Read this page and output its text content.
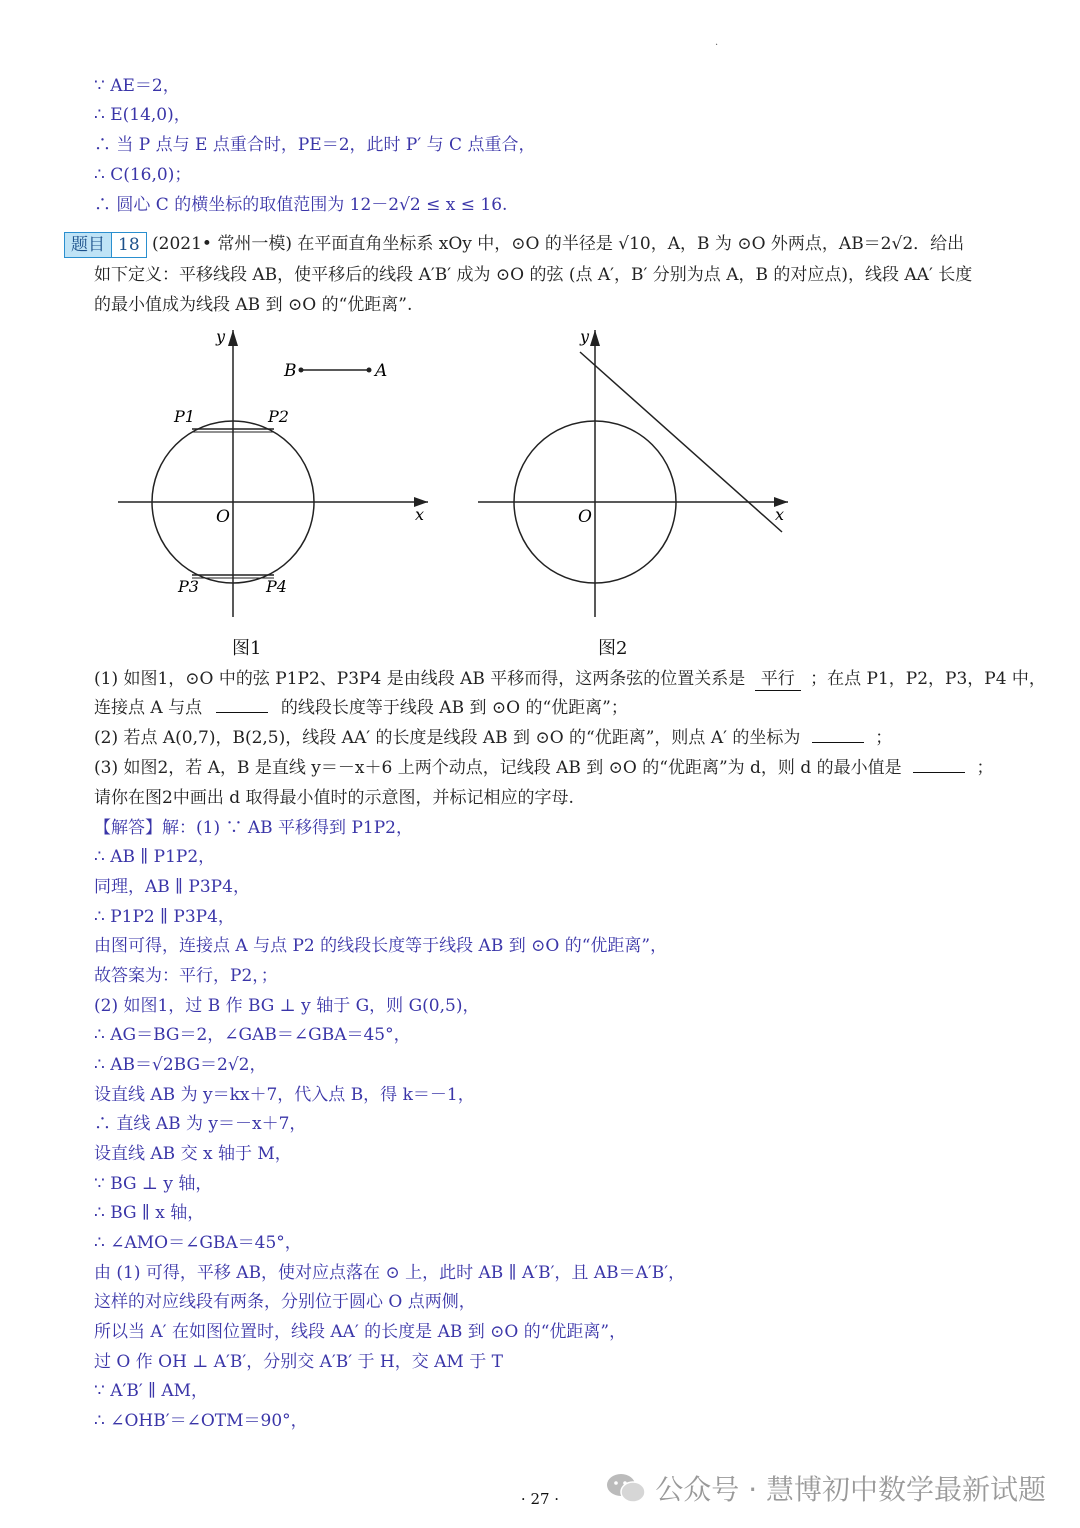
·
∵ AE＝2，
∴ E(14,0)，
∴ 当 P 点与 E 点重合时，PE＝2，此时 P′ 与 C 点重合，
∴ C(16,0)；
∴ 圆心 C 的横坐标的取值范围为 12－2√2 ≤ x ≤ 16.
题目 18 (2021• 常州一模) 在平面直角坐标系 xOy 中，⊙O 的半径是 √10，A，B 为 ⊙O 外两点，AB＝2√2．给出
如下定义：平移线段 AB，使平移后的线段 A′B′ 成为 ⊙O 的弦 (点 A′，B′ 分别为点 A，B 的对应点)，线段 AA′ 长度
的最小值成为线段 AB 到 ⊙O 的“优距离”.
y
x
O
B	A
P1	P2
P3	P4
图1
y
x
O
图2
(1) 如图1，⊙O 中的弦 P1P2、P3P4 是由线段 AB 平移而得，这两条弦的位置关系是 平行 ；在点 P1，P2，P3，P4 中，
连接点 A 与点	的线段长度等于线段 AB 到 ⊙O 的“优距离”；
(2) 若点 A(0,7)，B(2,5)，线段 AA′ 的长度是线段 AB 到 ⊙O 的“优距离”，则点 A′ 的坐标为	；
(3) 如图2，若 A，B 是直线 y＝－x＋6 上两个动点，记线段 AB 到 ⊙O 的“优距离”为 d，则 d 的最小值是	；
请你在图2中画出 d 取得最小值时的示意图，并标记相应的字母.
【解答】解：(1) ∵ AB 平移得到 P1P2，
∴ AB ∥ P1P2，
同理，AB ∥ P3P4，
∴ P1P2 ∥ P3P4，
由图可得，连接点 A 与点 P2 的线段长度等于线段 AB 到 ⊙O 的“优距离”，
故答案为：平行，P2，；
(2) 如图1，过 B 作 BG ⊥ y 轴于 G，则 G(0,5)，
∴ AG＝BG＝2，∠GAB＝∠GBA＝45°，
∴ AB＝√2BG＝2√2，
设直线 AB 为 y＝kx＋7，代入点 B，得 k＝－1，
∴ 直线 AB 为 y＝－x＋7，
设直线 AB 交 x 轴于 M，
∵ BG ⊥ y 轴，
∴ BG ∥ x 轴，
∴ ∠AMO＝∠GBA＝45°，
由 (1) 可得，平移 AB，使对应点落在 ⊙ 上，此时 AB ∥ A′B′，且 AB＝A′B′，
这样的对应线段有两条，分别位于圆心 O 点两侧，
所以当 A′ 在如图位置时，线段 AA′ 的长度是 AB 到 ⊙O 的“优距离”，
过 O 作 OH ⊥ A′B′，分别交 A′B′ 于 H，交 AM 于 T
∵ A′B′ ∥ AM，
∴ ∠OHB′＝∠OTM＝90°，
· 27 ·	公众号 · 慧博初中数学最新试题
